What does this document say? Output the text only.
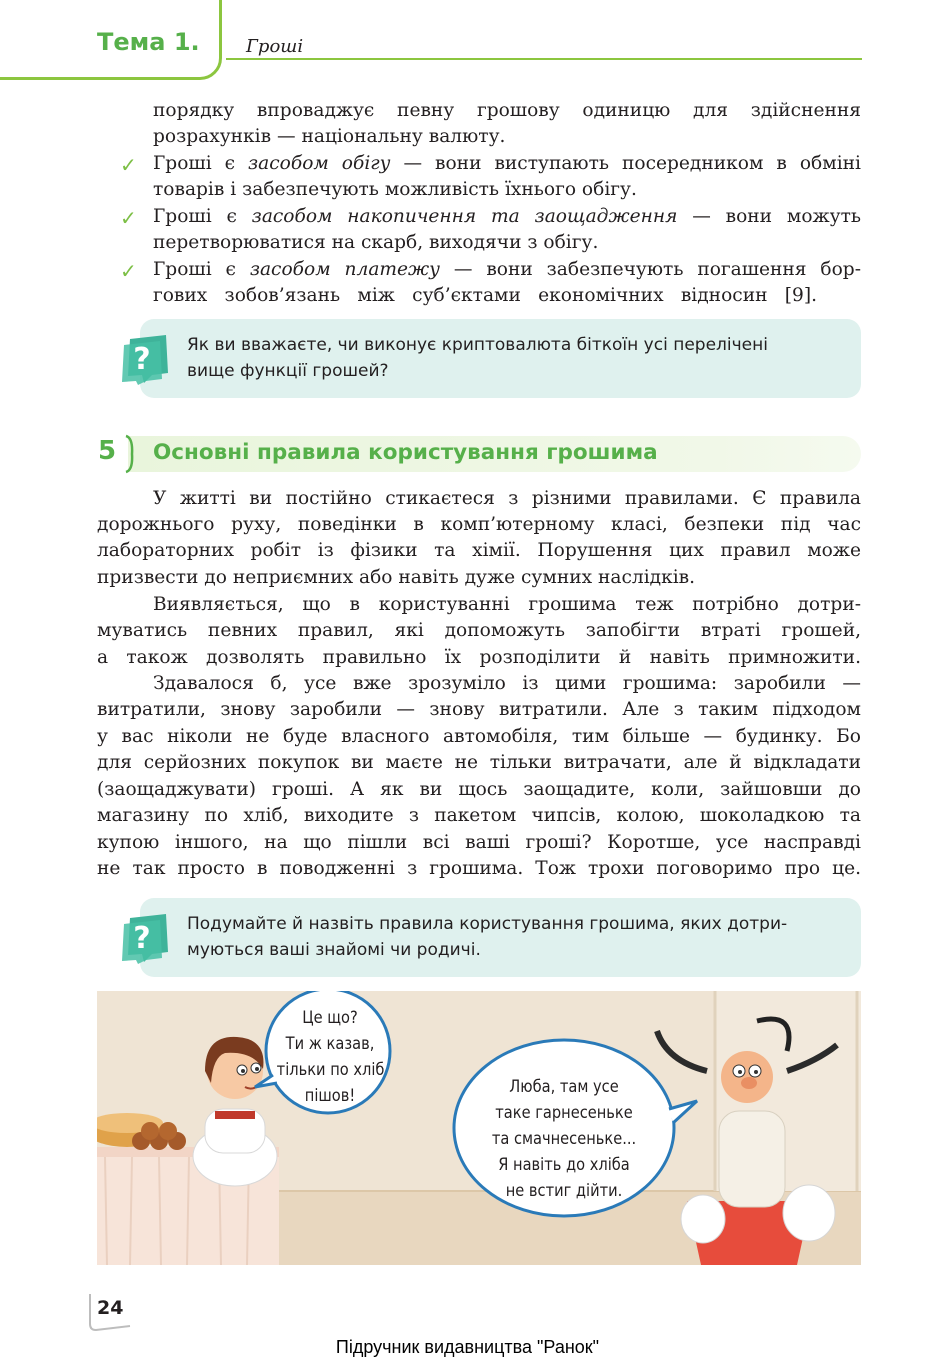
Тема 1.	Гроші
порядку впроваджує певну грошову одиницю для здійснення
розрахунків — національну валюту.
✓ Гроші є засобом обігу — вони виступають посередником в обміні
товарів і забезпечують можливість їхнього обігу.
✓ Гроші є засобом накопичення та заощадження — вони можуть
перетворюватися на скарб, виходячи з обігу.
✓ Гроші є засобом платежу — вони забезпечують погашення бор-
гових зобов’язань між суб’єктами економічних відносин [9].
? Як ви вважаєте, чи виконує криптовалюта біткоїн усі перелічені
вище функції грошей?
5 Основні правила користування грошима
У житті ви постійно стикаєтеся з різними правилами. Є правила
дорожнього руху, поведінки в комп’ютерному класі, безпеки під час
лабораторних робіт із фізики та хімії. Порушення цих правил може
призвести до неприємних або навіть дуже сумних наслідків.
Виявляється, що в користуванні грошима теж потрібно дотри-
муватись певних правил, які допоможуть запобігти втраті грошей,
а також дозволять правильно їх розподілити й навіть примножити.
Здавалося б, усе вже зрозуміло із цими грошима: заробили —
витратили, знову заробили — знову витратили. Але з таким підходом
у вас ніколи не буде власного автомобіля, тим більше — будинку. Бо
для серйозних покупок ви маєте не тільки витрачати, але й відкладати
(заощаджувати) гроші. А як ви щось заощадите, коли, зайшовши до
магазину по хліб, виходите з пакетом чипсів, колою, шоколадкою та
купою іншого, на що пішли всі ваші гроші? Коротше, усе насправді
не так просто в поводженні з грошима. Тож трохи поговоримо про це.
? Подумайте й назвіть правила користування грошима, яких дотри-
муються ваші знайомі чи родичі.
Це що?
Ти ж казав,
тільки по хліб
пішов!	Люба, там усе
таке гарнесеньке
та смачнесеньке...
Я навіть до хліба
не встиг дійти.
24
Підручник видавництва "Ранок"
